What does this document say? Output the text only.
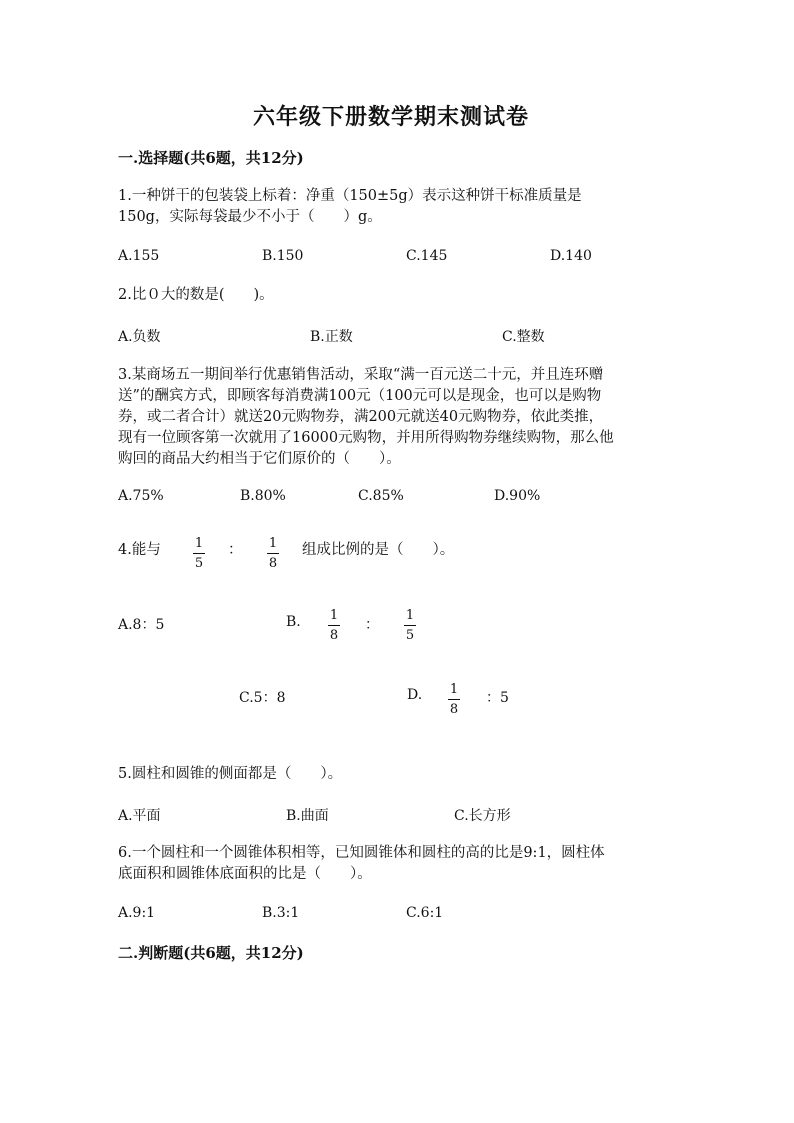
六年级下册数学期末测试卷
一.选择题(共6题，共12分)
1.一种饼干的包装袋上标着：净重（150±5g）表示这种饼干标准质量是
150g，实际每袋最少不小于（　　）g。
A.155	B.150	C.145	D.140
2.比０大的数是(　　)。
A.负数	B.正数	C.整数
3.某商场五一期间举行优惠销售活动，采取“满一百元送二十元，并且连环赠
送”的酬宾方式，即顾客每消费满100元（100元可以是现金，也可以是购物
券，或二者合计）就送20元购物券，满200元就送40元购物券，依此类推，
现有一位顾客第一次就用了16000元购物，并用所得购物券继续购物，那么他
购回的商品大约相当于它们原价的（　　）。
A.75%	B.80%	C.85%	D.90%
4.能与	1
5
： 1
8
组成比例的是（　　）。
A.8：5	B. 1
8
：
1
5
C.5：8	D. 1
8
：5
5.圆柱和圆锥的侧面都是（　　）。
A.平面	B.曲面	C.长方形
6.一个圆柱和一个圆锥体积相等，已知圆锥体和圆柱的高的比是9:1，圆柱体
底面积和圆锥体底面积的比是（　　）。
A.9:1	B.3:1	C.6:1
二.判断题(共6题，共12分)
